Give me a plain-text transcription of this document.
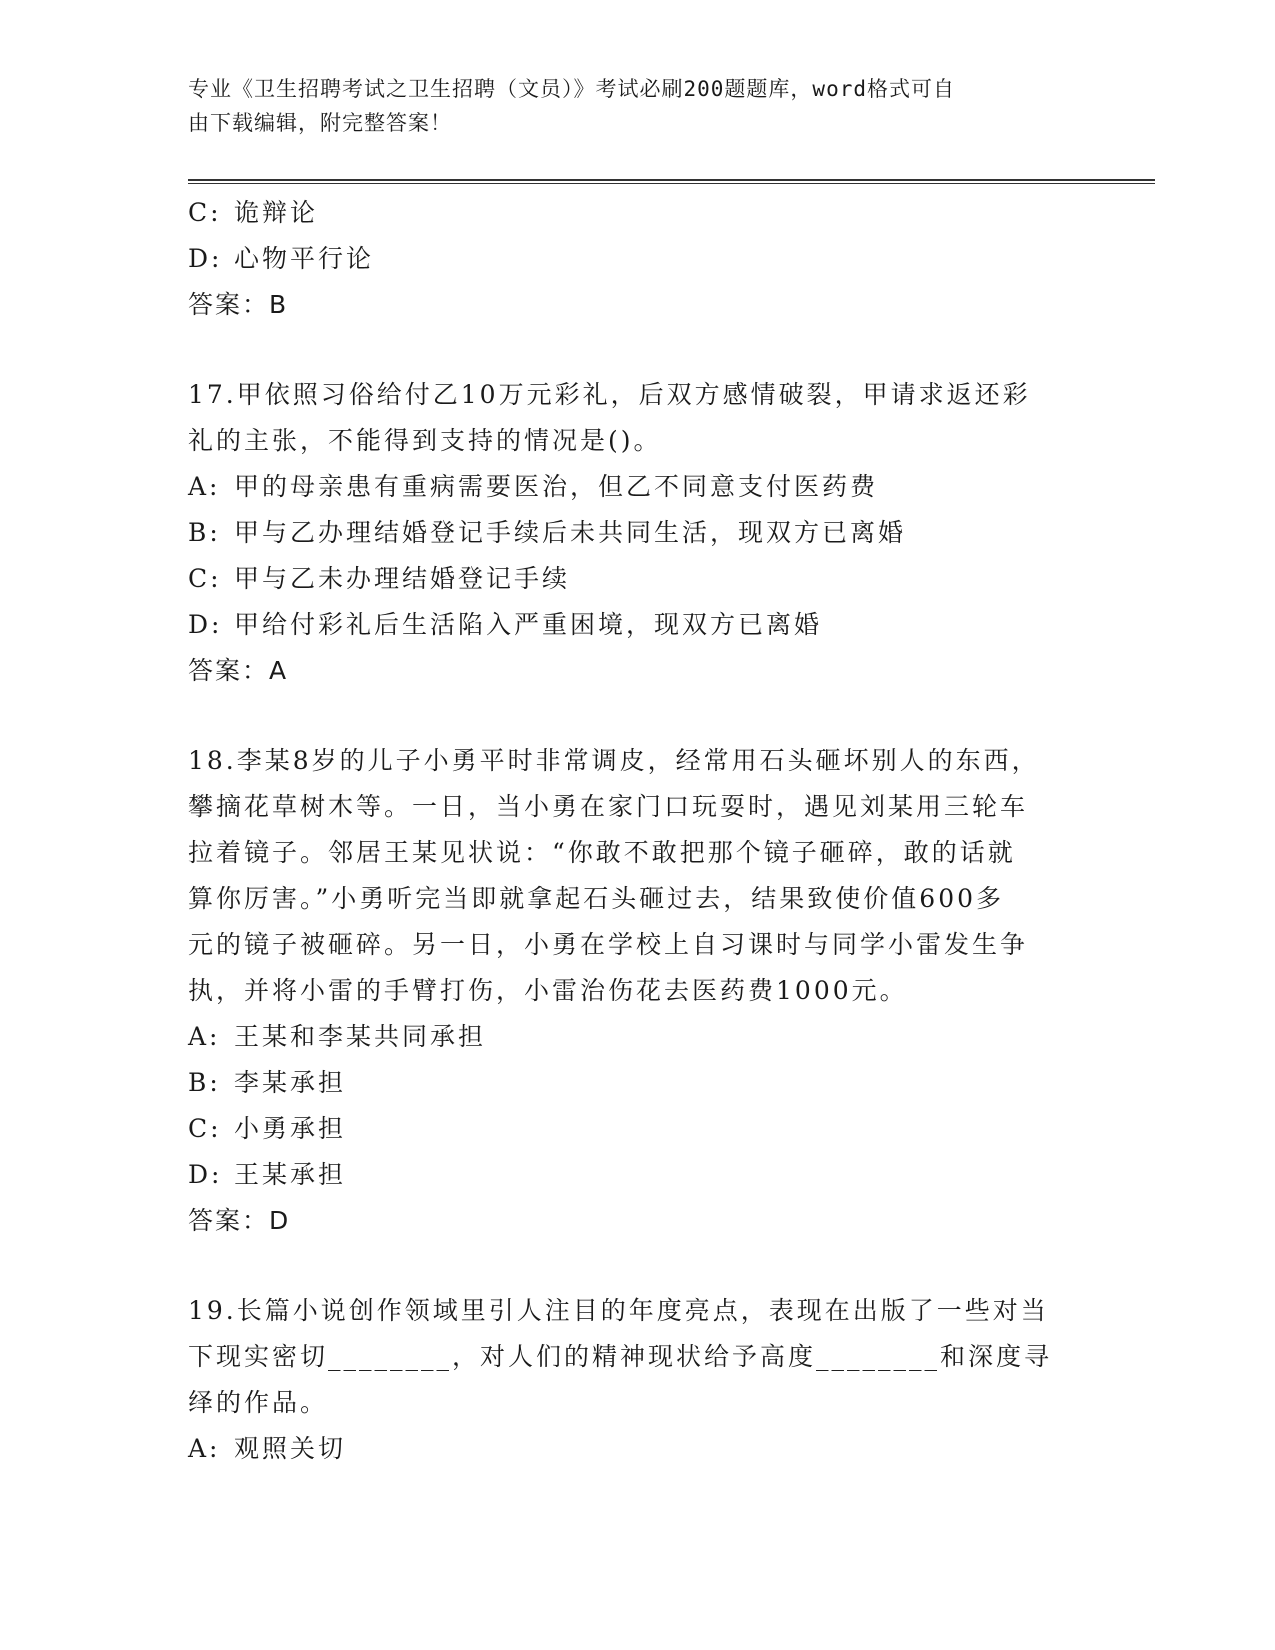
专业《卫生招聘考试之卫生招聘（文员）》考试必刷200题题库，word格式可自
由下载编辑，附完整答案！
C: 诡辩论
D: 心物平行论
答案：B
17.甲依照习俗给付乙10万元彩礼，后双方感情破裂，甲请求返还彩
礼的主张，不能得到支持的情况是()。
A: 甲的母亲患有重病需要医治，但乙不同意支付医药费
B: 甲与乙办理结婚登记手续后未共同生活，现双方已离婚
C: 甲与乙未办理结婚登记手续
D: 甲给付彩礼后生活陷入严重困境，现双方已离婚
答案：A
18.李某8岁的儿子小勇平时非常调皮，经常用石头砸坏别人的东西，
攀摘花草树木等。一日，当小勇在家门口玩耍时，遇见刘某用三轮车
拉着镜子。邻居王某见状说：“你敢不敢把那个镜子砸碎，敢的话就
算你厉害。”小勇听完当即就拿起石头砸过去，结果致使价值600多
元的镜子被砸碎。另一日，小勇在学校上自习课时与同学小雷发生争
执，并将小雷的手臂打伤，小雷治伤花去医药费1000元。
A: 王某和李某共同承担
B: 李某承担
C: 小勇承担
D: 王某承担
答案：D
19.长篇小说创作领域里引人注目的年度亮点，表现在出版了一些对当
下现实密切________，对人们的精神现状给予高度________和深度寻
绎的作品。
A: 观照关切
